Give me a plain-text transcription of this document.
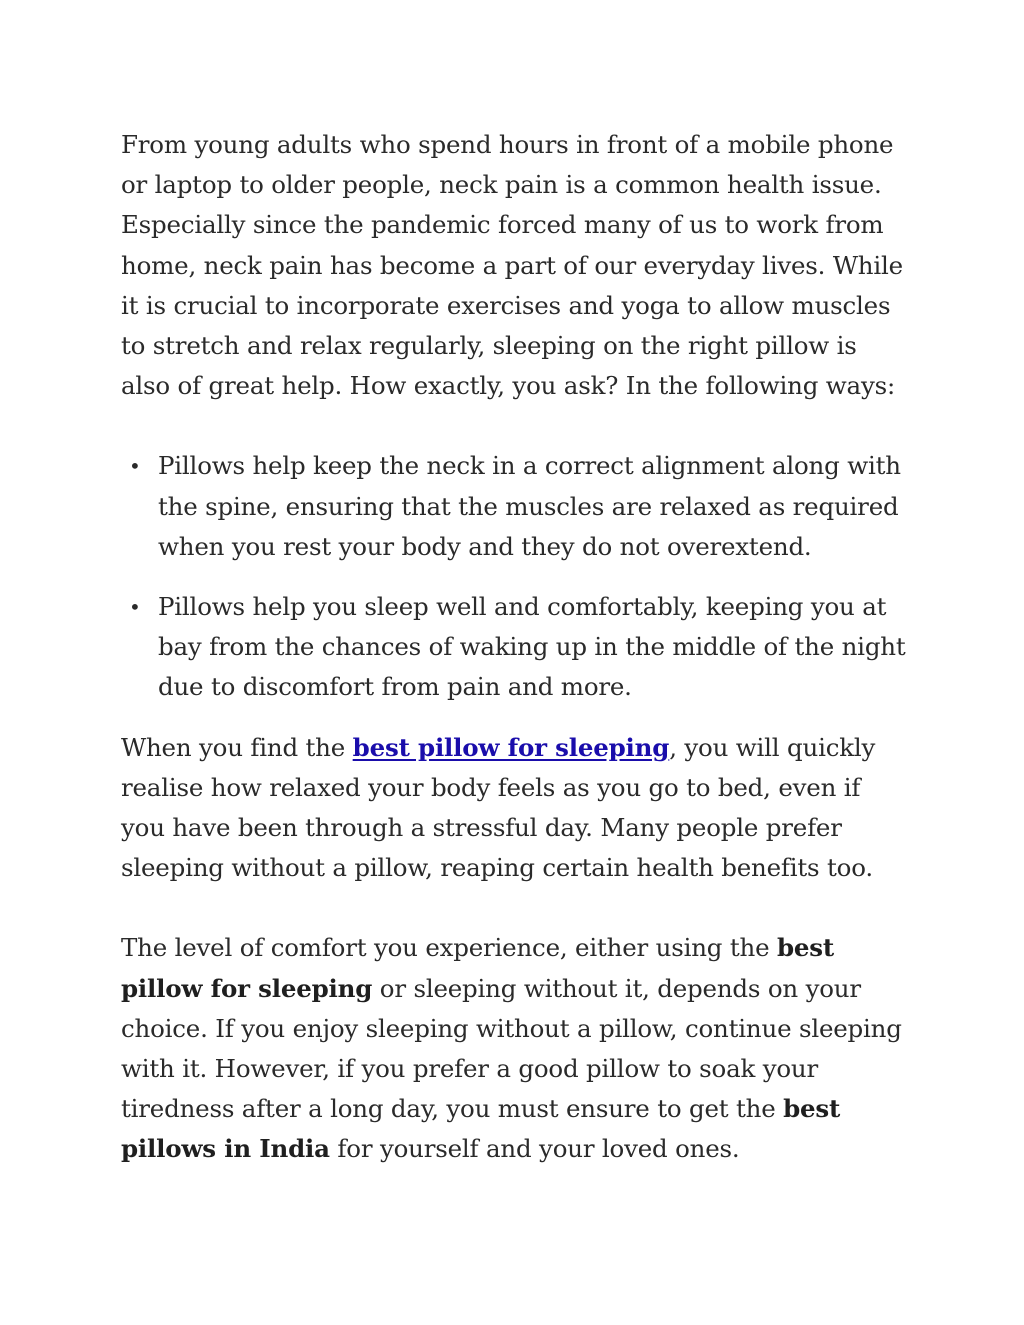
From young adults who spend hours in front of a mobile phone or laptop to older people, neck pain is a common health issue. Especially since the pandemic forced many of us to work from home, neck pain has become a part of our everyday lives. While it is crucial to incorporate exercises and yoga to allow muscles to stretch and relax regularly, sleeping on the right pillow is also of great help. How exactly, you ask? In the following ways:

• Pillows help keep the neck in a correct alignment along with the spine, ensuring that the muscles are relaxed as required when you rest your body and they do not overextend.
• Pillows help you sleep well and comfortably, keeping you at bay from the chances of waking up in the middle of the night due to discomfort from pain and more.

When you find the best pillow for sleeping, you will quickly realise how relaxed your body feels as you go to bed, even if you have been through a stressful day. Many people prefer sleeping without a pillow, reaping certain health benefits too.

The level of comfort you experience, either using the best pillow for sleeping or sleeping without it, depends on your choice. If you enjoy sleeping without a pillow, continue sleeping with it. However, if you prefer a good pillow to soak your tiredness after a long day, you must ensure to get the best pillows in India for yourself and your loved ones.
